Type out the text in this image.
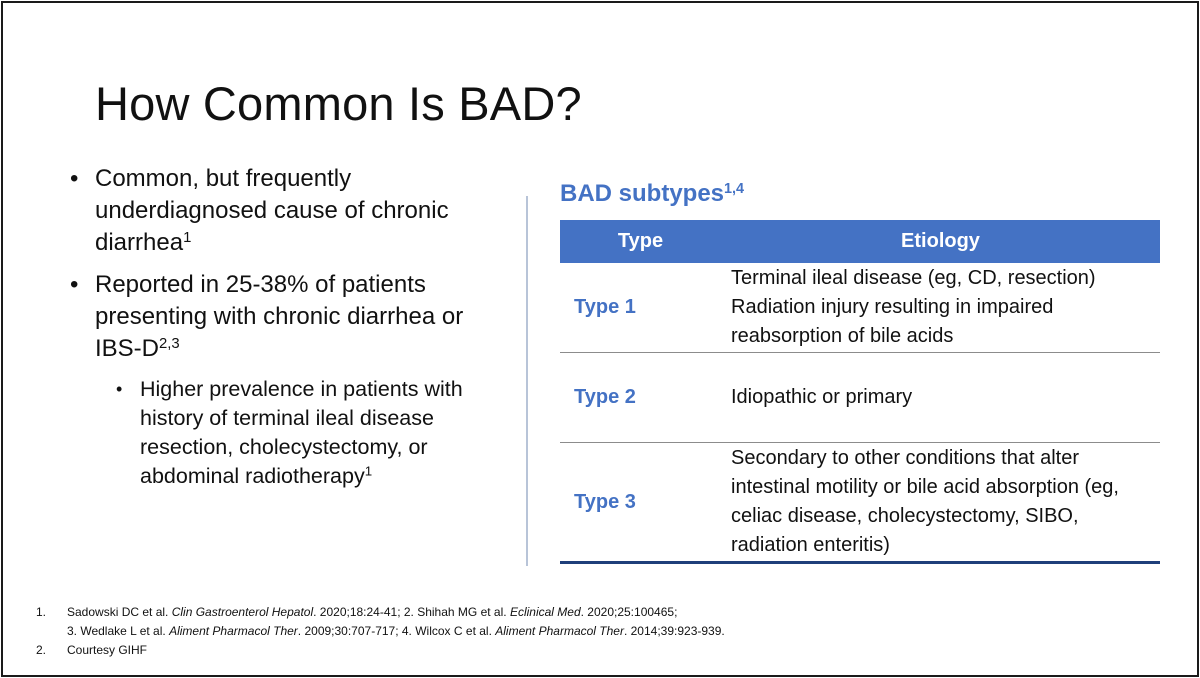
How Common Is BAD?
• Common, but frequently underdiagnosed cause of chronic diarrhea$^1$
• Reported in 25-38% of patients presenting with chronic diarrhea or IBS-$D^{2,3}$
• Higher prevalence in patients with history of terminal ileal disease resection, cholecystectomy, or abdominal radiotherapy$^1$
BAD subtypes$^{1,4}$
Type	Etiology
Type 1	Terminal ileal disease (eg, CD, resection) Radiation injury resulting in impaired reabsorption of bile acids
Type 2	Idiopathic or primary
Type 3	Secondary to other conditions that alter intestinal motility or bile acid absorption (eg, celiac disease, cholecystectomy, SIBO, radiation enteritis)
1. Sadowski DC et al. Clin Gastroenterol Hepatol. 2020;18:24-41; 2. Shihah MG et al. Eclinical Med. 2020;25:100465;
3. Wedlake L et al. Aliment Pharmacol Ther. 2009;30:707-717; 4. Wilcox C et al. Aliment Pharmacol Ther. 2014;39:923-939.
2. Courtesy GIHF
